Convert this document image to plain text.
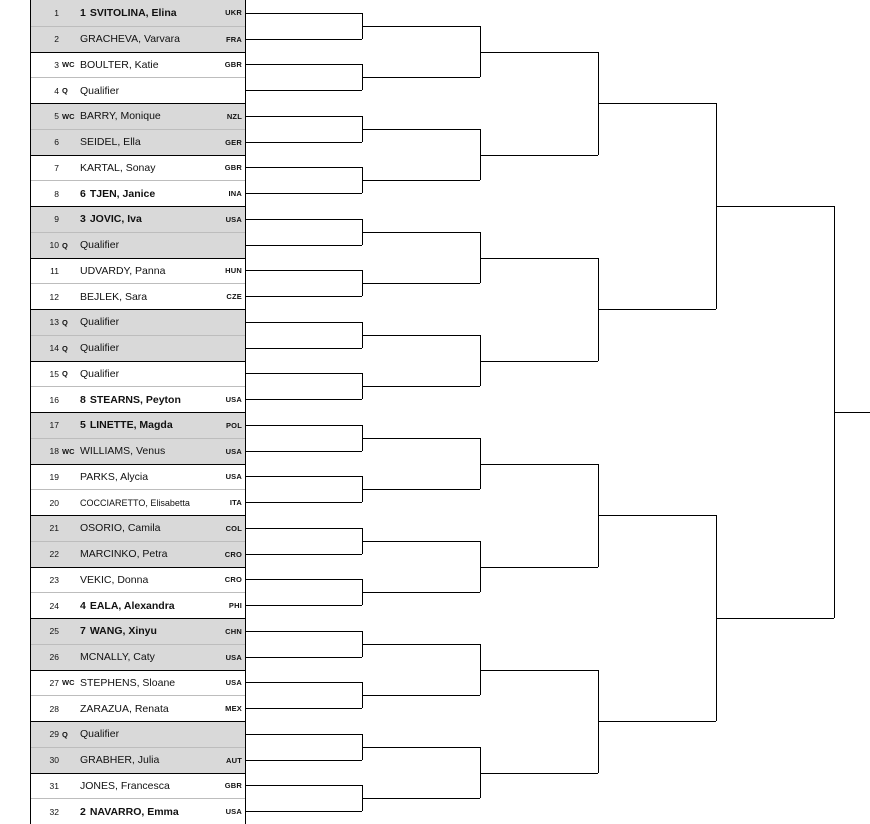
1 1 SVITOLINA, Elina	UKR
2 GRACHEVA, Varvara	FRA
3 WC BOULTER, Katie	GBR
4 Q	Qualifier
5 WC BARRY, Monique	NZL
6 SEIDEL, Ella	GER
7 KARTAL, Sonay	GBR
8 6 TJEN, Janice	INA
9 3 JOVIC, Iva	USA
10 Q	Qualifier
11 UDVARDY, Panna	HUN
12 BEJLEK, Sara	CZE
13 Q	Qualifier
14 Q	Qualifier
15 Q	Qualifier
16 8 STEARNS, Peyton	USA
17 5 LINETTE, Magda	POL
18 WC WILLIAMS, Venus	USA
19 PARKS, Alycia	USA
20 COCCIARETTO, Elisabetta	ITA
21 OSORIO, Camila	COL
22 MARCINKO, Petra	CRO
23 VEKIC, Donna	CRO
24 4 EALA, Alexandra	PHI
25 7 WANG, Xinyu	CHN
26 MCNALLY, Caty	USA
27 WC STEPHENS, Sloane	USA
28 ZARAZUA, Renata	MEX
29 Q	Qualifier
30 GRABHER, Julia	AUT
31 JONES, Francesca	GBR
32 2 NAVARRO, Emma	USA
